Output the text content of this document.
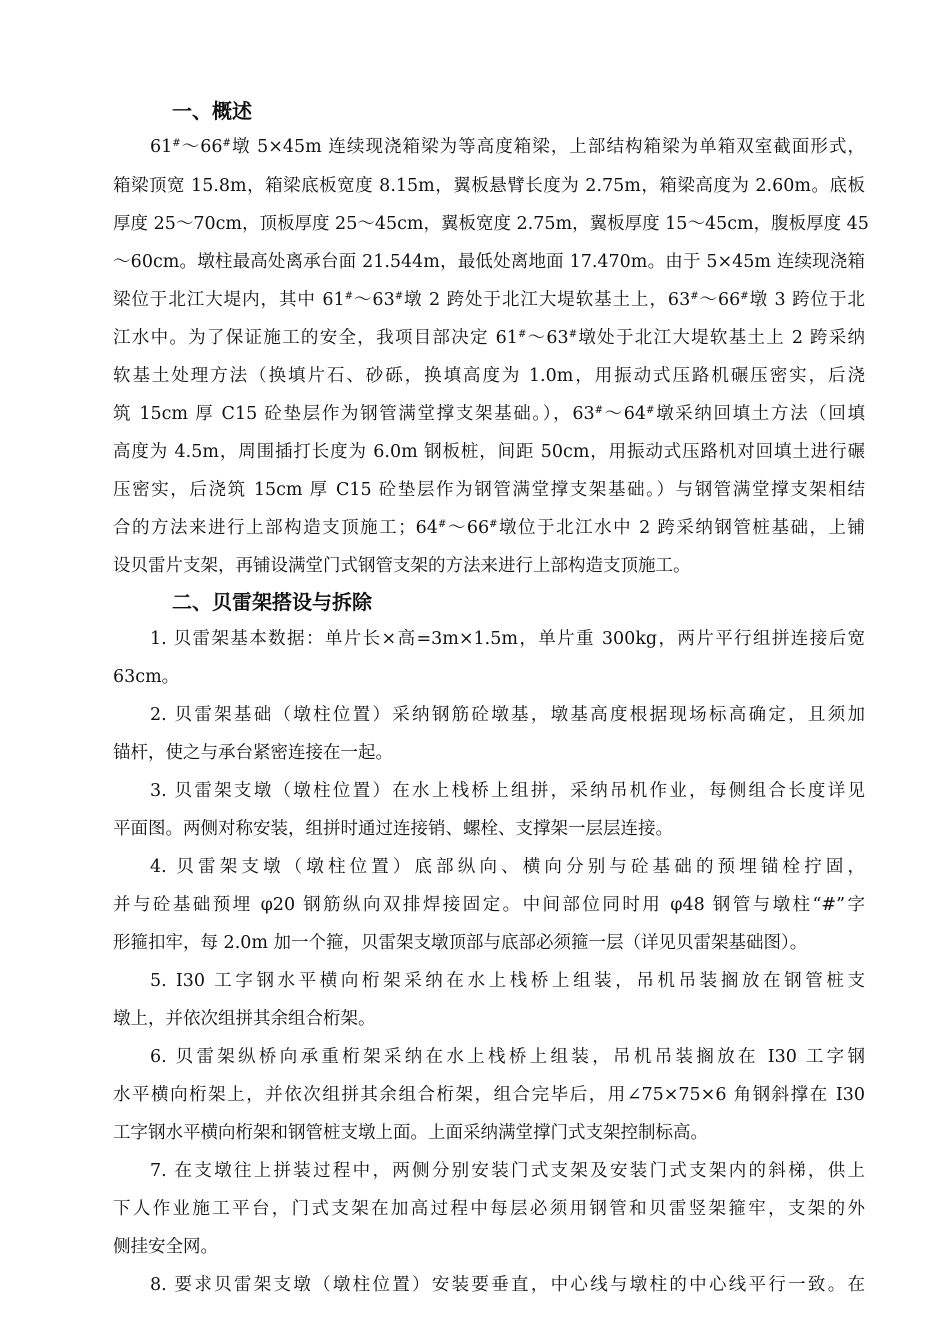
一、概述
61#～66#墩 5×45m 连续现浇箱梁为等高度箱梁，上部结构箱梁为单箱双室截面形式，
箱梁顶宽 15.8m，箱梁底板宽度 8.15m，翼板悬臂长度为 2.75m，箱梁高度为 2.60m。底板
厚度 25～70cm，顶板厚度 25～45cm，翼板宽度 2.75m，翼板厚度 15～45cm，腹板厚度 45
～60cm。墩柱最高处离承台面 21.544m，最低处离地面 17.470m。由于 5×45m 连续现浇箱
梁位于北江大堤内，其中 61#～63#墩 2 跨处于北江大堤软基土上，63#～66#墩 3 跨位于北
江水中。为了保证施工的安全，我项目部决定 61#～63#墩处于北江大堤软基土上 2 跨采纳
软基土处理方法（换填片石、砂砾，换填高度为 1.0m，用振动式压路机碾压密实，后浇
筑 15cm 厚 C15 砼垫层作为钢管满堂撑支架基础。），63#～64#墩采纳回填土方法（回填
高度为 4.5m，周围插打长度为 6.0m 钢板桩，间距 50cm，用振动式压路机对回填土进行碾
压密实，后浇筑 15cm 厚 C15 砼垫层作为钢管满堂撑支架基础。）与钢管满堂撑支架相结
合的方法来进行上部构造支顶施工；64#～66#墩位于北江水中 2 跨采纳钢管桩基础，上铺
设贝雷片支架，再铺设满堂门式钢管支架的方法来进行上部构造支顶施工。
二、贝雷架搭设与拆除
1. 贝雷架基本数据：单片长×高=3m×1.5m，单片重 300kg，两片平行组拼连接后宽
63cm。
2. 贝雷架基础（墩柱位置）采纳钢筋砼墩基，墩基高度根据现场标高确定，且须加
锚杆，使之与承台紧密连接在一起。
3. 贝雷架支墩（墩柱位置）在水上栈桥上组拼，采纳吊机作业，每侧组合长度详见
平面图。两侧对称安装，组拼时通过连接销、螺栓、支撑架一层层连接。
4. 贝雷架支墩（墩柱位置）底部纵向、横向分别与砼基础的预埋锚栓拧固，
并与砼基础预埋 φ20 钢筋纵向双排焊接固定。中间部位同时用 φ48 钢管与墩柱“#”字
形箍扣牢，每 2.0m 加一个箍，贝雷架支墩顶部与底部必须箍一层（详见贝雷架基础图）。
5. I30 工字钢水平横向桁架采纳在水上栈桥上组装，吊机吊装搁放在钢管桩支
墩上，并依次组拼其余组合桁架。
6. 贝雷架纵桥向承重桁架采纳在水上栈桥上组装，吊机吊装搁放在 I30 工字钢
水平横向桁架上，并依次组拼其余组合桁架，组合完毕后，用∠75×75×6 角钢斜撑在 I30
工字钢水平横向桁架和钢管桩支墩上面。上面采纳满堂撑门式支架控制标高。
7. 在支墩往上拼装过程中，两侧分别安装门式支架及安装门式支架内的斜梯，供上
下人作业施工平台，门式支架在加高过程中每层必须用钢管和贝雷竖架箍牢，支架的外
侧挂安全网。
8. 要求贝雷架支墩（墩柱位置）安装要垂直，中心线与墩柱的中心线平行一致。在
